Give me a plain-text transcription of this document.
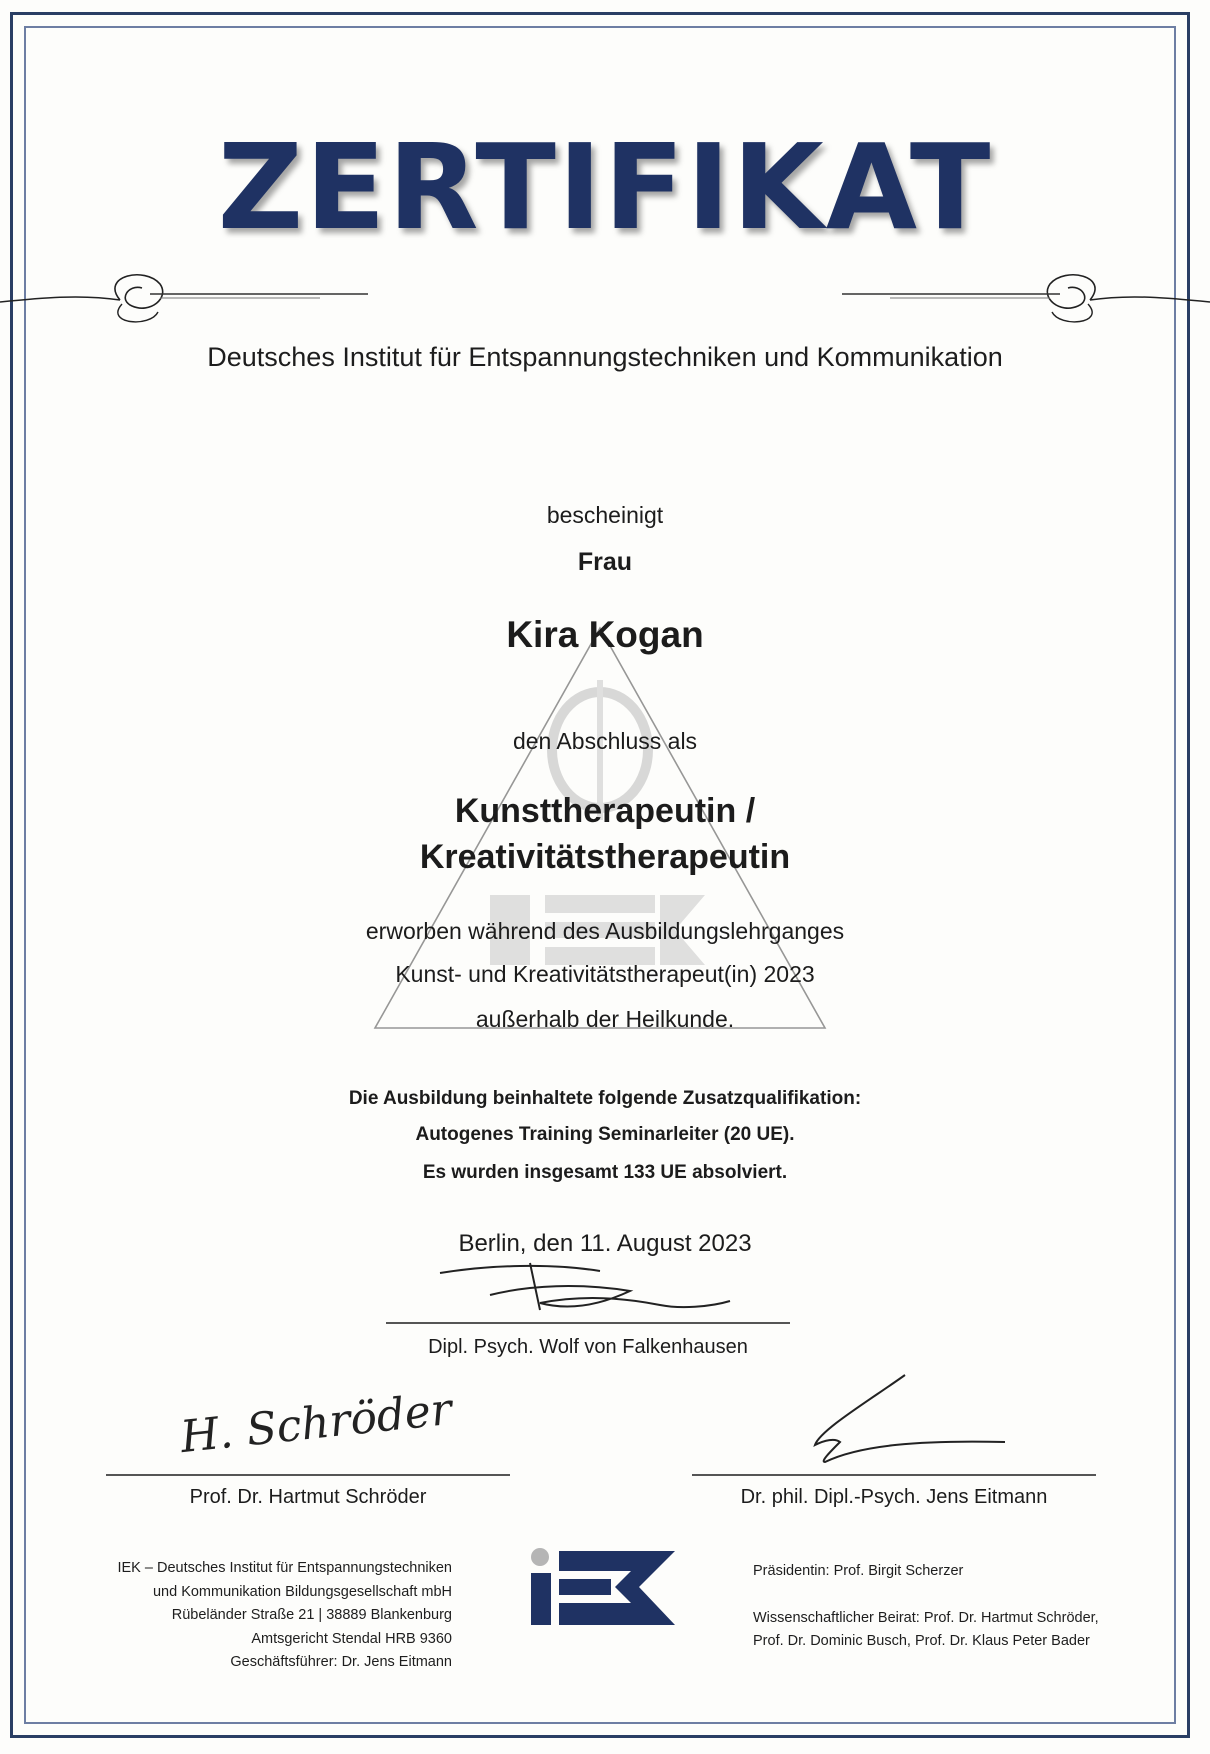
ZERTIFIKAT
Deutsches Institut für Entspannungstechniken und Kommunikation
bescheinigt
Frau
Kira Kogan
den Abschluss als
Kunsttherapeutin /
Kreativitätstherapeutin
erworben während des Ausbildungslehrganges
Kunst- und Kreativitätstherapeut(in) 2023
außerhalb der Heilkunde.
Die Ausbildung beinhaltete folgende Zusatzqualifikation:
Autogenes Training Seminarleiter (20 UE).
Es wurden insgesamt 133 UE absolviert.
Berlin, den 11. August 2023
Dipl. Psych. Wolf von Falkenhausen
H. Schröder
Prof. Dr. Hartmut Schröder	Dr. phil. Dipl.-Psych. Jens Eitmann
IEK – Deutsches Institut für Entspannungstechniken
und Kommunikation Bildungsgesellschaft mbH
Rübeländer Straße 21 | 38889 Blankenburg
Amtsgericht Stendal HRB 9360
Geschäftsführer: Dr. Jens Eitmann
Präsidentin: Prof. Birgit Scherzer
Wissenschaftlicher Beirat: Prof. Dr. Hartmut Schröder,
Prof. Dr. Dominic Busch, Prof. Dr. Klaus Peter Bader
